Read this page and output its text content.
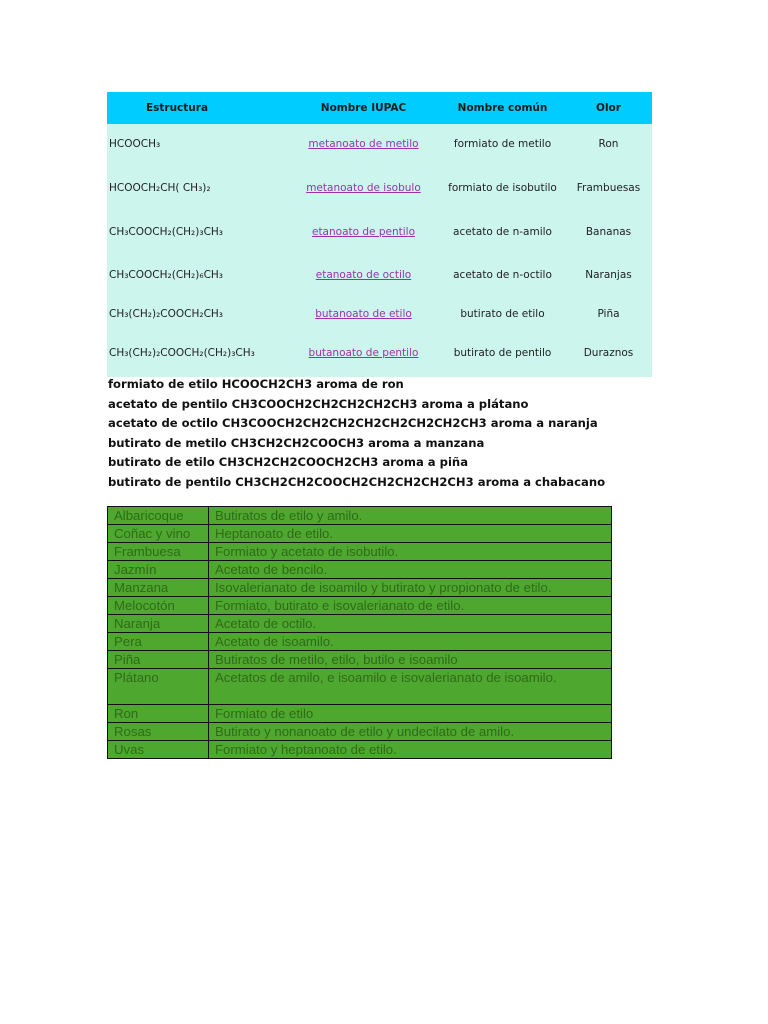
Estructura	Nombre IUPAC	Nombre común	Olor
HCOOCH₃	metanoato de metilo	formiato de metilo	Ron
HCOOCH₂CH( CH₃)₂	metanoato de isobulo	formiato de isobutilo	Frambuesas
CH₃COOCH₂(CH₂)₃CH₃	etanoato de pentilo	acetato de n-amilo	Bananas
CH₃COOCH₂(CH₂)₆CH₃	etanoato de octilo	acetato de n-octilo	Naranjas
CH₃(CH₂)₂COOCH₂CH₃	butanoato de etilo	butirato de etilo	Piña
CH₃(CH₂)₂COOCH₂(CH₂)₃CH₃	butanoato de pentilo	butirato de pentilo	Duraznos
formiato de etilo HCOOCH2CH3 aroma de ron
acetato de pentilo CH3COOCH2CH2CH2CH2CH3 aroma a plátano
acetato de octilo CH3COOCH2CH2CH2CH2CH2CH2CH2CH3 aroma a naranja
butirato de metilo CH3CH2CH2COOCH3 aroma a manzana
butirato de etilo CH3CH2CH2COOCH2CH3 aroma a piña
butirato de pentilo CH3CH2CH2COOCH2CH2CH2CH2CH3 aroma a chabacano
Albaricoque	Butiratos de etilo y amilo.
Coñac y vino	Heptanoato de etilo.
Frambuesa	Formiato y acetato de isobutilo.
Jazmín	Acetato de bencilo.
Manzana	Isovalerianato de isoamilo y butirato y propionato de etilo.
Melocotón	Formiato, butirato e isovalerianato de etilo.
Naranja	Acetato de octilo.
Pera	Acetato de isoamilo.
Piña	Butiratos de metilo, etilo, butilo e isoamilo
Plátano	Acetatos de amilo, e isoamilo e isovalerianato de isoamilo.
Ron	Formiato de etilo
Rosas	Butirato y nonanoato de etilo y undecilato de amilo.
Uvas	Formiato y heptanoato de etilo.
